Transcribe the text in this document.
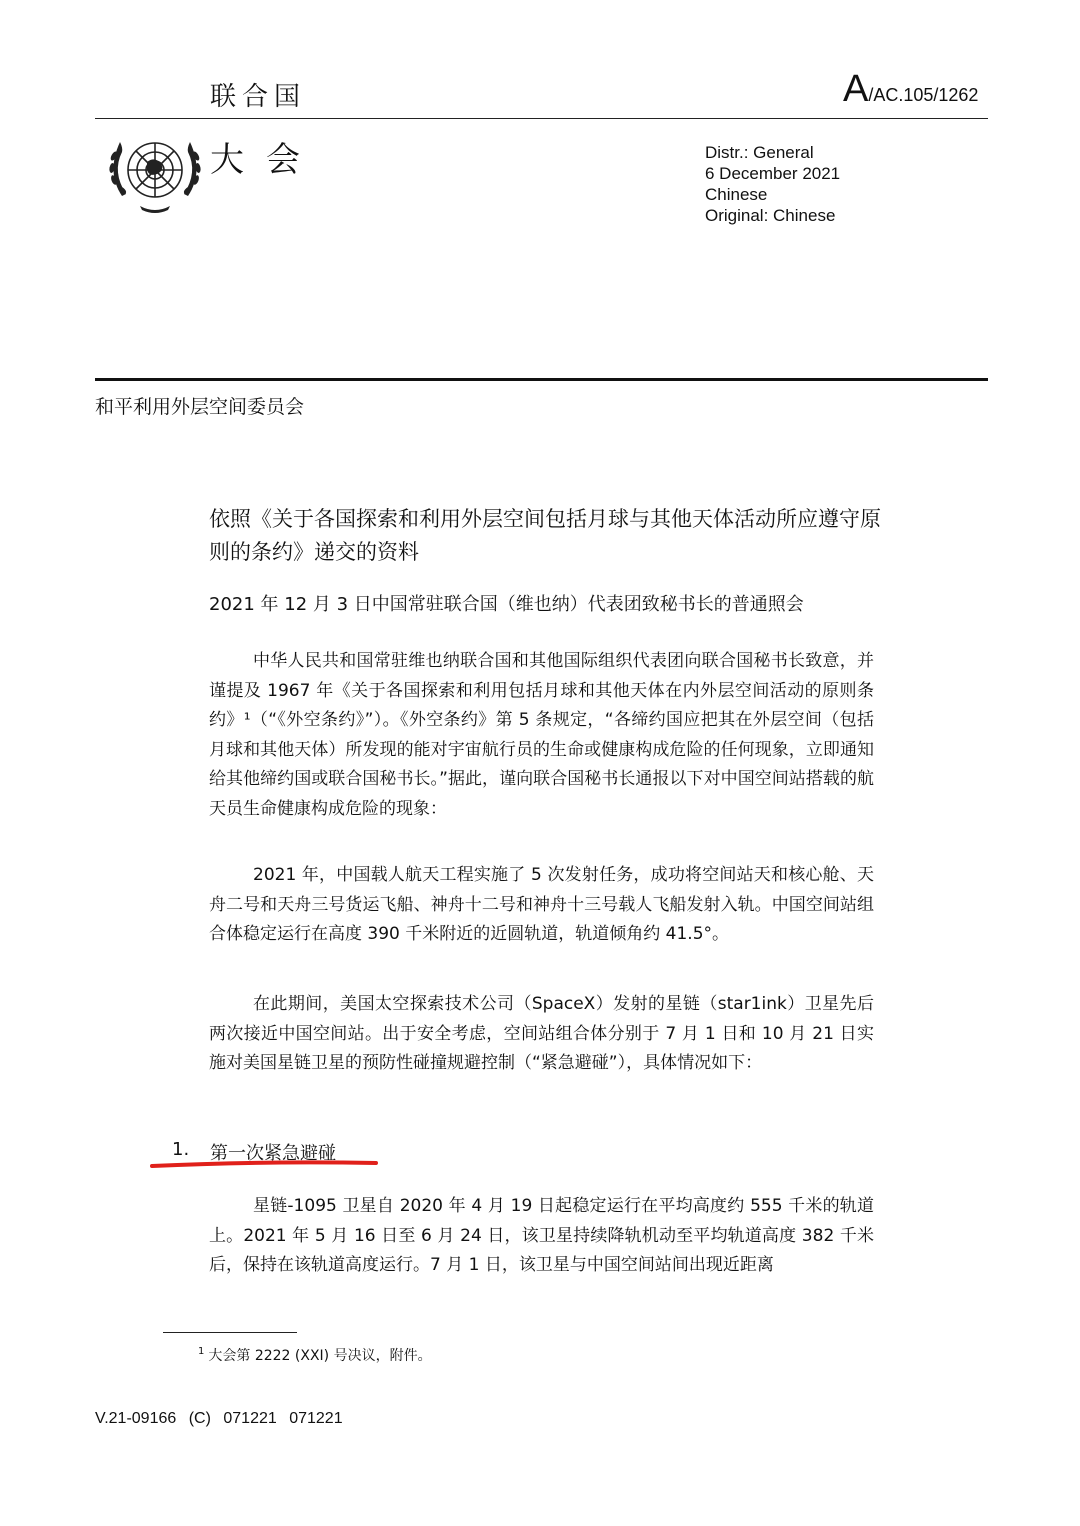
联合国	A/AC.105/1262
大会	Distr.: General
6 December 2021
Chinese
Original: Chinese
和平利用外层空间委员会
依照《关于各国探索和利用外层空间包括月球与其他天体活动所应遵守原则的条约》递交的资料
2021 年 12 月 3 日中国常驻联合国（维也纳）代表团致秘书长的普通照会

中华人民共和国常驻维也纳联合国和其他国际组织代表团向联合国秘书长致意，并谨提及 1967 年《关于各国探索和利用包括月球和其他天体在内外层空间活动的原则条约》¹（“《外空条约》”）。《外空条约》第 5 条规定，“各缔约国应把其在外层空间（包括月球和其他天体）所发现的能对宇宙航行员的生命或健康构成危险的任何现象，立即通知给其他缔约国或联合国秘书长。”据此，谨向联合国秘书长通报以下对中国空间站搭载的航天员生命健康构成危险的现象：

2021 年，中国载人航天工程实施了 5 次发射任务，成功将空间站天和核心舱、天舟二号和天舟三号货运飞船、神舟十二号和神舟十三号载人飞船发射入轨。中国空间站组合体稳定运行在高度 390 千米附近的近圆轨道，轨道倾角约 41.5°。

在此期间，美国太空探索技术公司（SpaceX）发射的星链（star1ink）卫星先后两次接近中国空间站。出于安全考虑，空间站组合体分别于 7 月 1 日和 10 月 21 日实施对美国星链卫星的预防性碰撞规避控制（“紧急避碰”），具体情况如下：

1. 第一次紧急避碰

星链-1095 卫星自 2020 年 4 月 19 日起稳定运行在平均高度约 555 千米的轨道上。2021 年 5 月 16 日至 6 月 24 日，该卫星持续降轨机动至平均轨道高度 382 千米后，保持在该轨道高度运行。7 月 1 日，该卫星与中国空间站间出现近距离

$^1$ 大会第 2222 (XXI) 号决议，附件。
V.21-09166 (C) 071221 071221
